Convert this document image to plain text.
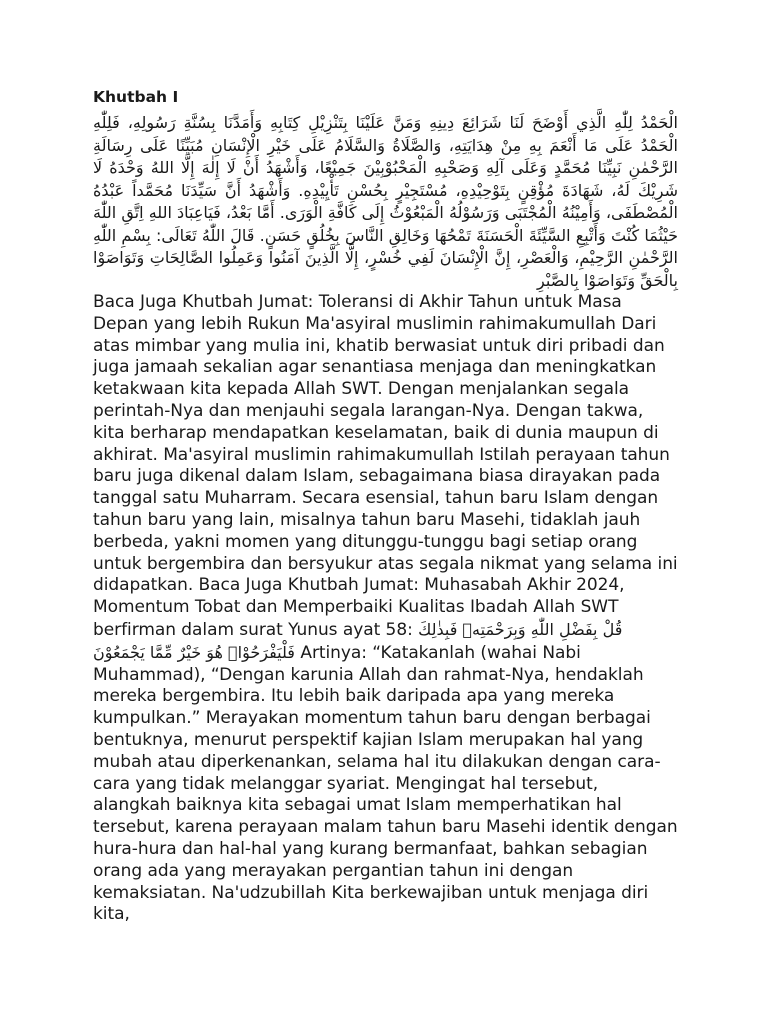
Khutbah I

الْحَمْدُ لِلّٰهِ الَّذِي أَوْضَحَ لَنَا شَرَائِعَ دِينِهِ وَمَنَّ عَلَيْنَا بِتَنْزِيْلِ كِتَابِهِ وَأَمَدَّنَا بِسُنَّةِ رَسُولِهِ، فَلِلّٰهِ الْحَمْدُ عَلَى مَا أَنْعَمَ بِهِ مِنْ هِدَايَتِهِ، وَالصَّلَاةُ وَالسَّلَامُ عَلَى خَيْرِ الْإِنْسَانِ مُبَيِّنًا عَلَى رِسَالَةِ الرَّحْمٰنِ نَبِيِّنَا مُحَمَّدٍ وَعَلَى آلِهِ وَصَحْبِهِ الْمَحْبُوْبِيْنَ جَمِيْعًا، وَأَشْهَدُ أَنْ لَا إِلٰهَ إِلَّا اللهُ وَحْدَهُ لَا شَرِيْكَ لَهُ، شَهَادَةَ مُؤْقِنٍ بِتَوْحِيْدِهِ، مُسْتَجِيْرٍ بِحُسْنِ تَأْيِيْدِهِ. وَأَشْهَدُ أَنَّ سَيِّدَنَا مُحَمَّداً عَبْدُهُ الْمُصْطَفَى، وَأَمِيْنُهُ الْمُجْتَبَى وَرَسُوْلُهُ الْمَبْعُوْثُ إِلَى كَافَّةِ الْوَرَى. أَمَّا بَعْدُ، فَيَاعِبَادَ اللهِ اِتَّقِ اللّٰهَ حَيْثُمَا كُنْتَ وَأَتْبِعِ السَّيِّئَةَ الْحَسَنَةَ تَمْحُهَا وَخَالِقِ النَّاسَ بِخُلُقٍ حَسَنٍ. قَالَ اللّٰهُ تَعَالَى: بِسْمِ اللّٰهِ الرَّحْمٰنِ الرَّحِيْمِ، وَالْعَصْرِ، إِنَّ الْإِنْسَانَ لَفِي خُسْرٍ، إِلَّا الَّذِينَ آمَنُوا وَعَمِلُوا الصَّالِحَاتِ وَتَوَاصَوْا بِالْحَقِّ وَتَوَاصَوْا بِالصَّبْرِ

Baca Juga Khutbah Jumat: Toleransi di Akhir Tahun untuk Masa Depan yang lebih Rukun Ma'asyiral muslimin rahimakumullah Dari atas mimbar yang mulia ini, khatib berwasiat untuk diri pribadi dan juga jamaah sekalian agar senantiasa menjaga dan meningkatkan ketakwaan kita kepada Allah SWT. Dengan menjalankan segala perintah-Nya dan menjauhi segala larangan-Nya. Dengan takwa, kita berharap mendapatkan keselamatan, baik di dunia maupun di akhirat. Ma'asyiral muslimin rahimakumullah Istilah perayaan tahun baru juga dikenal dalam Islam, sebagaimana biasa dirayakan pada tanggal satu Muharram. Secara esensial, tahun baru Islam dengan tahun baru yang lain, misalnya tahun baru Masehi, tidaklah jauh berbeda, yakni momen yang ditunggu-tunggu bagi setiap orang untuk bergembira dan bersyukur atas segala nikmat yang selama ini didapatkan. Baca Juga Khutbah Jumat: Muhasabah Akhir 2024, Momentum Tobat dan Memperbaiki Kualitas Ibadah Allah SWT berfirman dalam surat Yunus ayat 58: قُلْ بِفَضْلِ اللّٰهِ وَبِرَحْمَتِهٖ فَبِذٰلِكَ فَلْيَفْرَحُوْاۗ هُوَ خَيْرٌ مِّمَّا يَجْمَعُوْنَ Artinya: “Katakanlah (wahai Nabi Muhammad), “Dengan karunia Allah dan rahmat-Nya, hendaklah mereka bergembira. Itu lebih baik daripada apa yang mereka kumpulkan.” Merayakan momentum tahun baru dengan berbagai bentuknya, menurut perspektif kajian Islam merupakan hal yang mubah atau diperkenankan, selama hal itu dilakukan dengan cara-cara yang tidak melanggar syariat. Mengingat hal tersebut, alangkah baiknya kita sebagai umat Islam memperhatikan hal tersebut, karena perayaan malam tahun baru Masehi identik dengan hura-hura dan hal-hal yang kurang bermanfaat, bahkan sebagian orang ada yang merayakan pergantian tahun ini dengan kemaksiatan. Na'udzubillah Kita berkewajiban untuk menjaga diri kita,
